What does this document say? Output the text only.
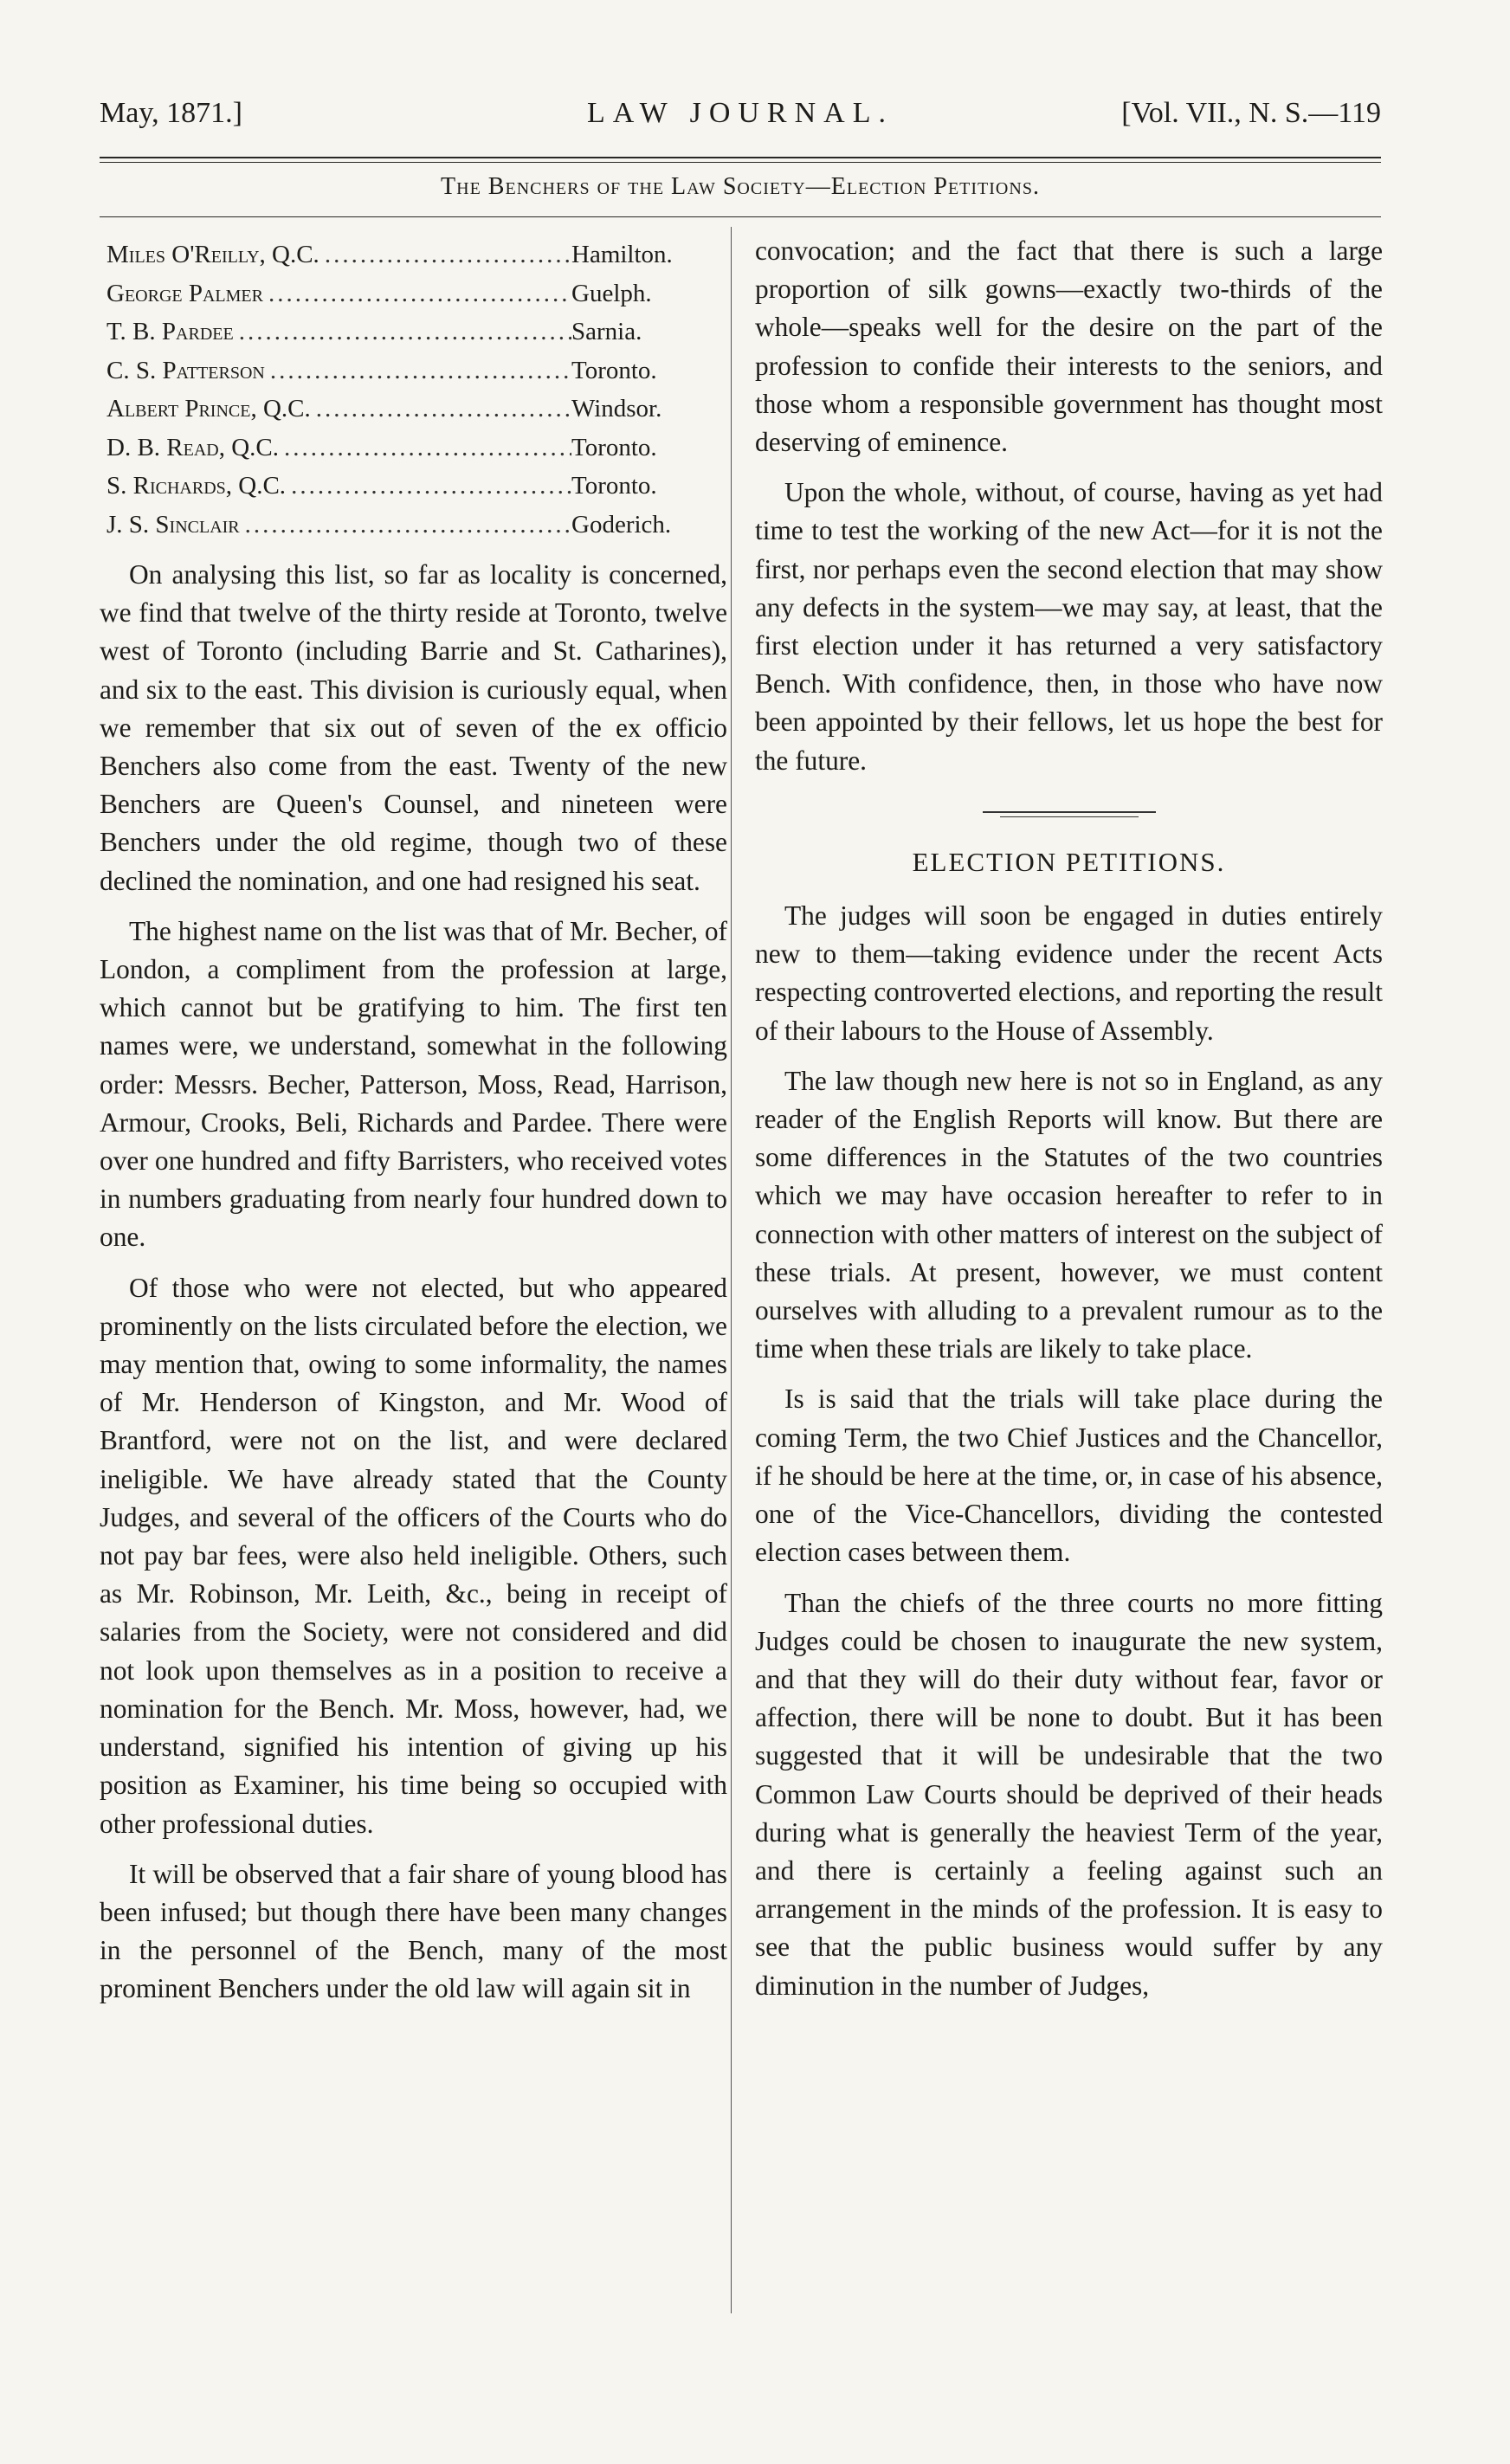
May, 1871.]	LAW JOURNAL.	[Vol. VII., N. S.—119
The Benchers of the Law Society—Election Petitions.
Miles O'Reilly, Q.C. .....	Hamilton.
George Palmer .....	Guelph.
T. B. Pardee .....	Sarnia.
C. S. Patterson .....	Toronto.
Albert Prince, Q.C. .....	Windsor.
D. B. Read, Q.C. .....	Toronto.
S. Richards, Q.C. .....	Toronto.
J. S. Sinclair .....	Goderich.

On analysing this list, so far as locality is concerned, we find that twelve of the thirty reside at Toronto, twelve west of Toronto (including Barrie and St. Catharines), and six to the east. This division is curiously equal, when we remember that six out of seven of the ex officio Benchers also come from the east. Twenty of the new Benchers are Queen's Counsel, and nineteen were Benchers under the old regime, though two of these declined the nomination, and one had resigned his seat.

The highest name on the list was that of Mr. Becher, of London, a compliment from the profession at large, which cannot but be gratifying to him. The first ten names were, we understand, somewhat in the following order: Messrs. Becher, Patterson, Moss, Read, Harrison, Armour, Crooks, Beli, Richards and Pardee. There were over one hundred and fifty Barristers, who received votes in numbers graduating from nearly four hundred down to one.

Of those who were not elected, but who appeared prominently on the lists circulated before the election, we may mention that, owing to some informality, the names of Mr. Henderson of Kingston, and Mr. Wood of Brantford, were not on the list, and were declared ineligible. We have already stated that the County Judges, and several of the officers of the Courts who do not pay bar fees, were also held ineligible. Others, such as Mr. Robinson, Mr. Leith, &c., being in receipt of salaries from the Society, were not considered and did not look upon themselves as in a position to receive a nomination for the Bench. Mr. Moss, however, had, we understand, signified his intention of giving up his position as Examiner, his time being so occupied with other professional duties.

It will be observed that a fair share of young blood has been infused; but though there have been many changes in the personnel of the Bench, many of the most prominent Benchers under the old law will again sit in

convocation; and the fact that there is such a large proportion of silk gowns—exactly two-thirds of the whole—speaks well for the desire on the part of the profession to confide their interests to the seniors, and those whom a responsible government has thought most deserving of eminence.

Upon the whole, without, of course, having as yet had time to test the working of the new Act—for it is not the first, nor perhaps even the second election that may show any defects in the system—we may say, at least, that the first election under it has returned a very satisfactory Bench. With confidence, then, in those who have now been appointed by their fellows, let us hope the best for the future.

ELECTION PETITIONS.

The judges will soon be engaged in duties entirely new to them—taking evidence under the recent Acts respecting controverted elections, and reporting the result of their labours to the House of Assembly.

The law though new here is not so in England, as any reader of the English Reports will know. But there are some differences in the Statutes of the two countries which we may have occasion hereafter to refer to in connection with other matters of interest on the subject of these trials. At present, however, we must content ourselves with alluding to a prevalent rumour as to the time when these trials are likely to take place.

Is is said that the trials will take place during the coming Term, the two Chief Justices and the Chancellor, if he should be here at the time, or, in case of his absence, one of the Vice-Chancellors, dividing the contested election cases between them.

Than the chiefs of the three courts no more fitting Judges could be chosen to inaugurate the new system, and that they will do their duty without fear, favor or affection, there will be none to doubt. But it has been suggested that it will be undesirable that the two Common Law Courts should be deprived of their heads during what is generally the heaviest Term of the year, and there is certainly a feeling against such an arrangement in the minds of the profession. It is easy to see that the public business would suffer by any diminution in the number of Judges,
